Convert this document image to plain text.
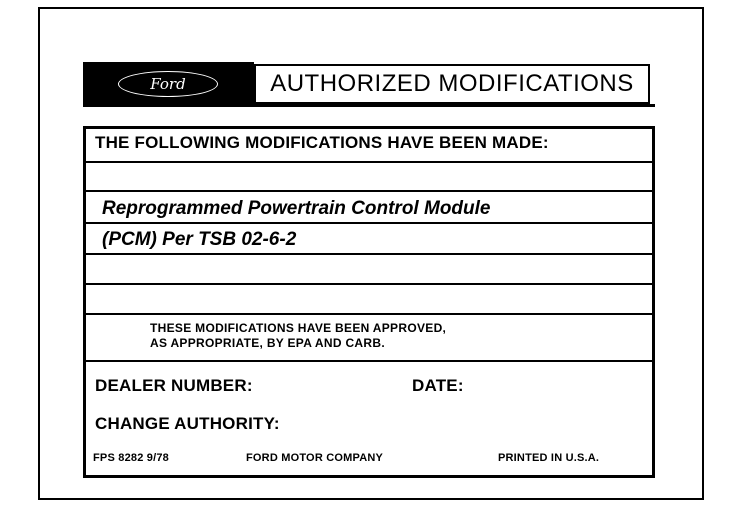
Ford	AUTHORIZED MODIFICATIONS
THE FOLLOWING MODIFICATIONS HAVE BEEN MADE:
Reprogrammed Powertrain Control Module
(PCM) Per TSB 02-6-2
THESE MODIFICATIONS HAVE BEEN APPROVED,
AS APPROPRIATE, BY EPA AND CARB.
DEALER NUMBER:	DATE:
CHANGE AUTHORITY:
FPS 8282 9/78	FORD MOTOR COMPANY	PRINTED IN U.S.A.
